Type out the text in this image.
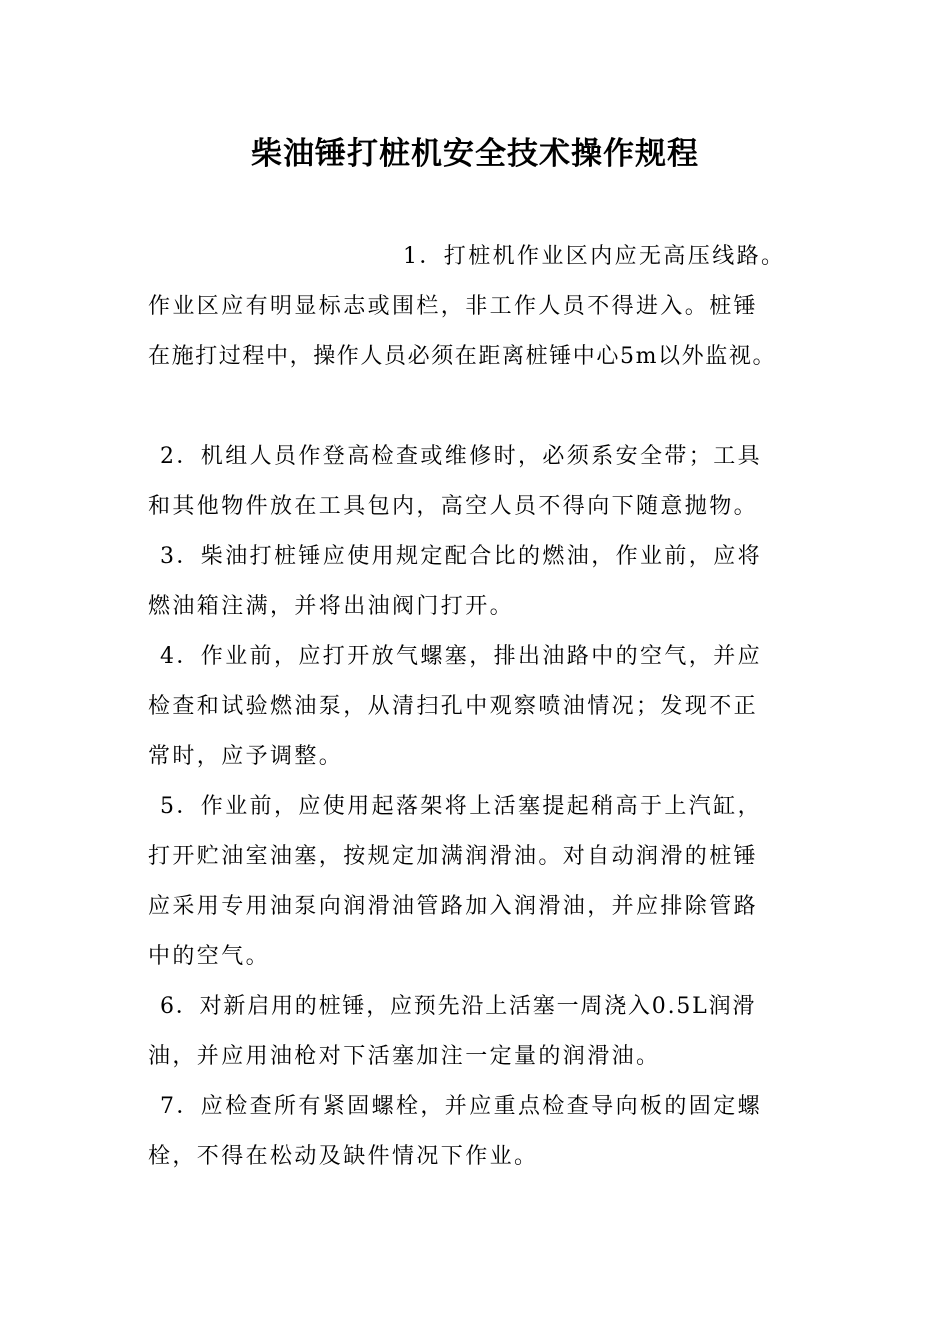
柴油锤打桩机安全技术操作规程
1．打桩机作业区内应无高压线路。
作业区应有明显标志或围栏，非工作人员不得进入。桩锤
在施打过程中，操作人员必须在距离桩锤中心5m以外监视。
2．机组人员作登高检查或维修时，必须系安全带；工具
和其他物件放在工具包内，高空人员不得向下随意抛物。
3．柴油打桩锤应使用规定配合比的燃油，作业前，应将
燃油箱注满，并将出油阀门打开。
4．作业前，应打开放气螺塞，排出油路中的空气，并应
检查和试验燃油泵，从清扫孔中观察喷油情况；发现不正
常时，应予调整。
5．作业前，应使用起落架将上活塞提起稍高于上汽缸，
打开贮油室油塞，按规定加满润滑油。对自动润滑的桩锤
应采用专用油泵向润滑油管路加入润滑油，并应排除管路
中的空气。
6．对新启用的桩锤，应预先沿上活塞一周浇入0.5L润滑
油，并应用油枪对下活塞加注一定量的润滑油。
7．应检查所有紧固螺栓，并应重点检查导向板的固定螺
栓，不得在松动及缺件情况下作业。
